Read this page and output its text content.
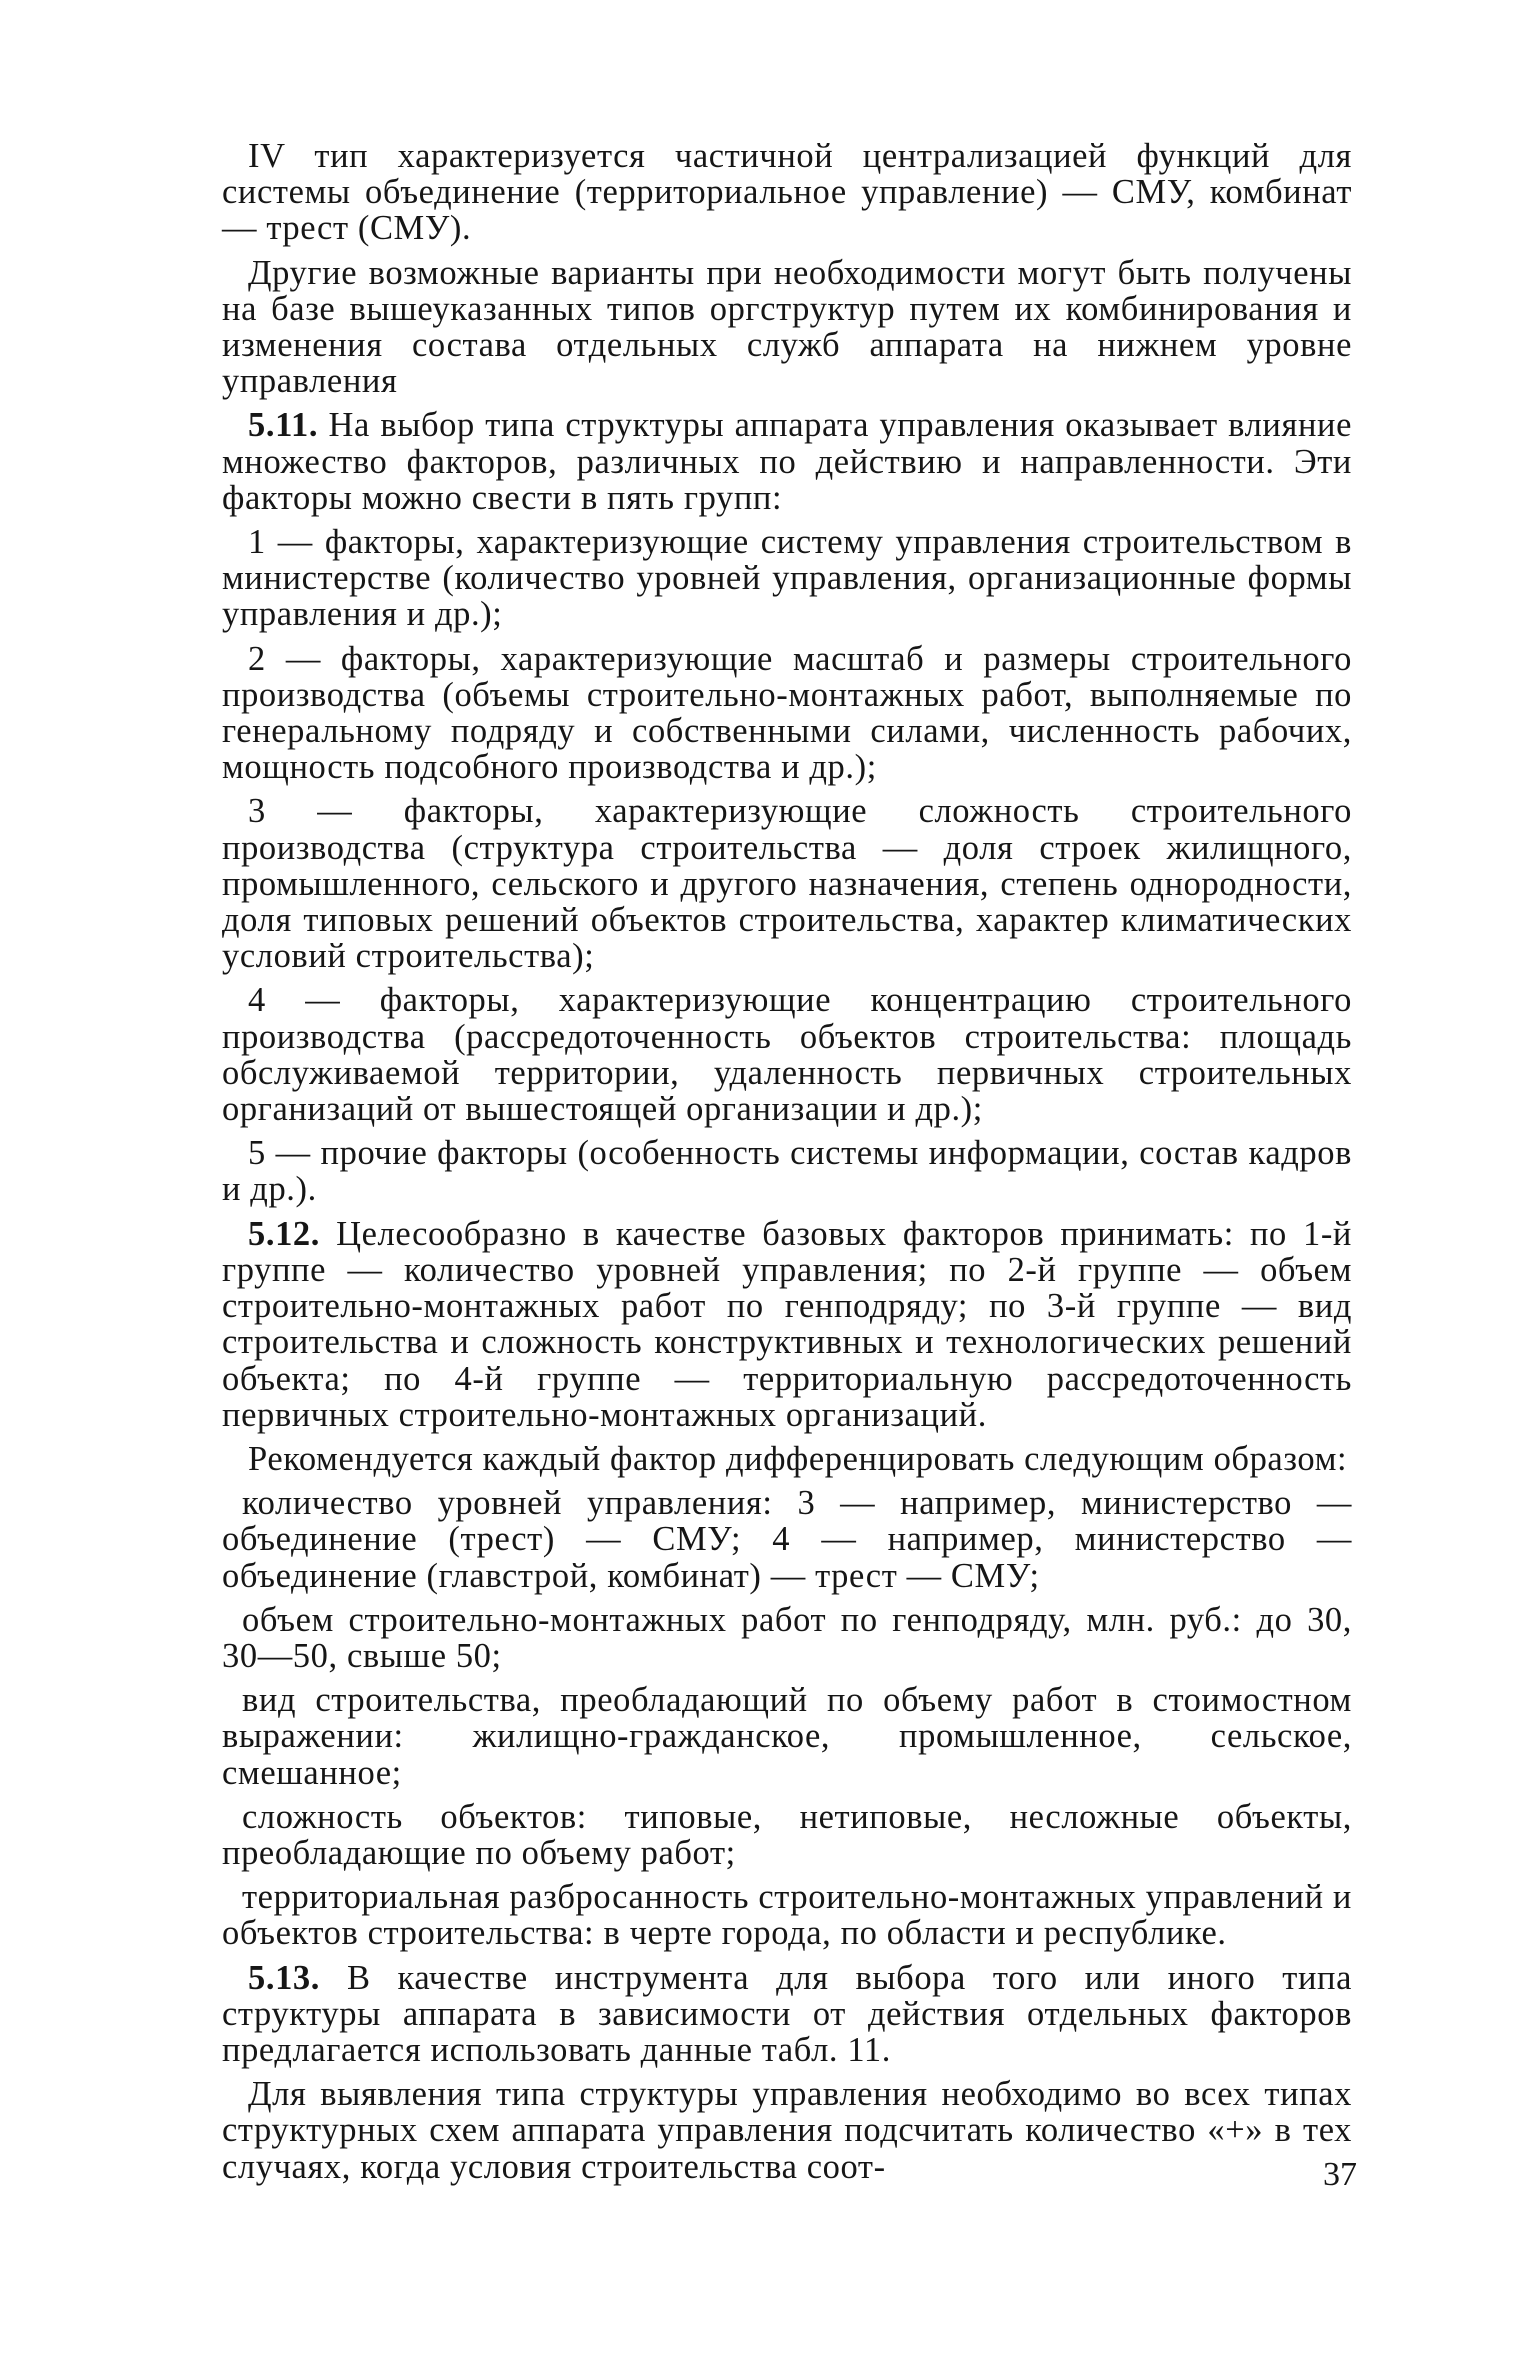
IV тип характеризуется частичной централизацией функций для системы объединение (территориальное управление) — СМУ, комбинат — трест (СМУ).

Другие возможные варианты при необходимости могут быть получены на базе вышеуказанных типов оргструктур путем их комбинирования и изменения состава отдельных служб аппарата на нижнем уровне управления

5.11. На выбор типа структуры аппарата управления оказывает влияние множество факторов, различных по действию и направленности. Эти факторы можно свести в пять групп:

1 — факторы, характеризующие систему управления строительством в министерстве (количество уровней управления, организационные формы управления и др.);

2 — факторы, характеризующие масштаб и размеры строительного производства (объемы строительно-монтажных работ, выполняемые по генеральному подряду и собственными силами, численность рабочих, мощность подсобного производства и др.);

3 — факторы, характеризующие сложность строительного производства (структура строительства — доля строек жилищного, промышленного, сельского и другого назначения, степень однородности, доля типовых решений объектов строительства, характер климатических условий строительства);

4 — факторы, характеризующие концентрацию строительного производства (рассредоточенность объектов строительства: площадь обслуживаемой территории, удаленность первичных строительных организаций от вышестоящей организации и др.);

5 — прочие факторы (особенность системы информации, состав кадров и др.).

5.12. Целесообразно в качестве базовых факторов принимать: по 1-й группе — количество уровней управления; по 2-й группе — объем строительно-монтажных работ по генподряду; по 3-й группе — вид строительства и сложность конструктивных и технологических решений объекта; по 4-й группе — территориальную рассредоточенность первичных строительно-монтажных организаций.

Рекомендуется каждый фактор дифференцировать следующим образом:

количество уровней управления: 3 — например, министерство — объединение (трест) — СМУ; 4 — например, министерство — объединение (главстрой, комбинат) — трест — СМУ;

объем строительно-монтажных работ по генподряду, млн. руб.: до 30, 30—50, свыше 50;

вид строительства, преобладающий по объему работ в стоимостном выражении: жилищно-гражданское, промышленное, сельское, смешанное;

сложность объектов: типовые, нетиповые, несложные объекты, преобладающие по объему работ;

территориальная разбросанность строительно-монтажных управлений и объектов строительства: в черте города, по области и республике.

5.13. В качестве инструмента для выбора того или иного типа структуры аппарата в зависимости от действия отдельных факторов предлагается использовать данные табл. 11.

Для выявления типа структуры управления необходимо во всех типах структурных схем аппарата управления подсчитать количество «+» в тех случаях, когда условия строительства соот-	37
